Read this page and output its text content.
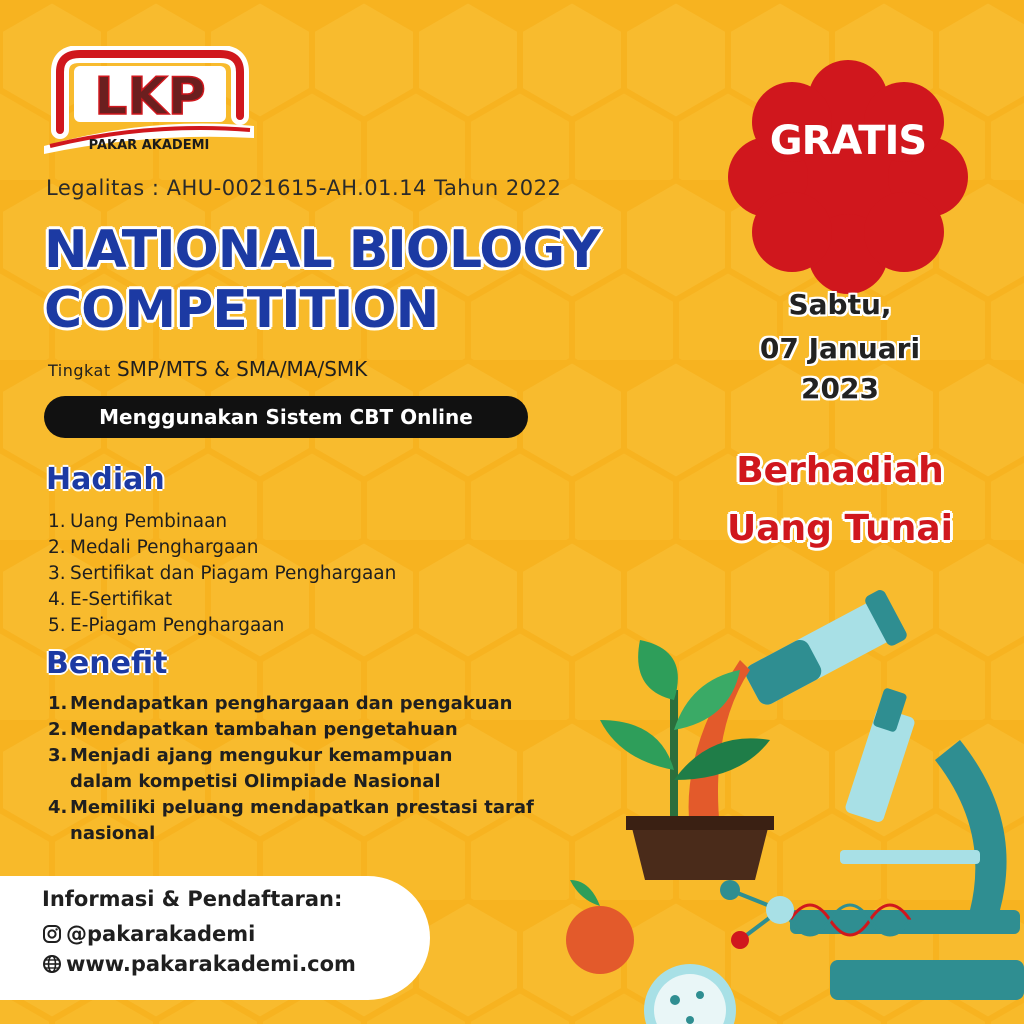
LKP
PAKAR AKADEMI
Legalitas : AHU-0021615-AH.01.14 Tahun 2022
NATIONAL BIOLOGY
COMPETITION
Tingkat SMP/MTS & SMA/MA/SMK
Menggunakan Sistem CBT Online
Hadiah
1. Uang Pembinaan
2. Medali Penghargaan
3. Sertifikat dan Piagam Penghargaan
4. E-Sertifikat
5. E-Piagam Penghargaan
Benefit
1. Mendapatkan penghargaan dan pengakuan
2. Mendapatkan tambahan pengetahuan
3. Menjadi ajang mengukur kemampuan dalam kompetisi Olimpiade Nasional
4. Memiliki peluang mendapatkan prestasi taraf nasional
Informasi & Pendaftaran:
@pakarakademi
www.pakarakademi.com
GRATIS
Sabtu,
07 Januari
2023
Berhadiah
Uang Tunai
